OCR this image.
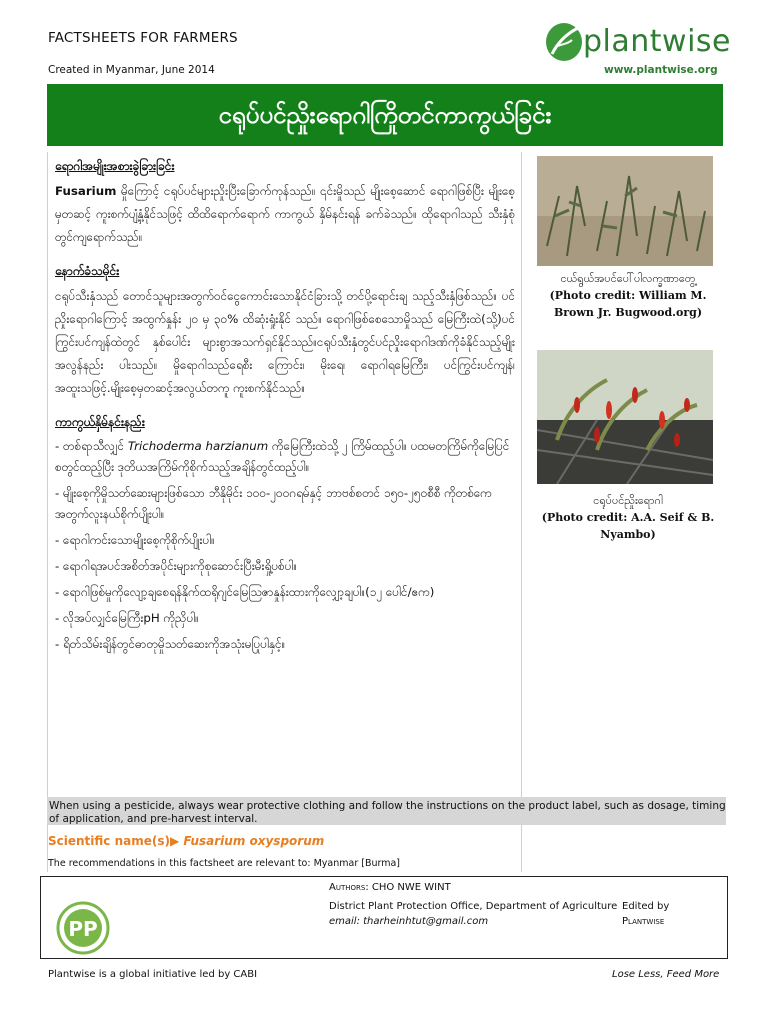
FACTSHEETS FOR FARMERS
Created in Myanmar, June 2014
plantwise
www.plantwise.org
ငရုပ်ပင်ညှိုးရောဂါကြိုတင်ကာကွယ်ခြင်း
ရောဂါအမျိုးအစားခွဲခြားခြင်း

Fusarium မှိုကြောင့် ငရုပ်ပင်များညှိုးပြီးခြောက်ကုန်သည်။ ၎င်းမှိုသည် မျိုးစေ့ဆောင် ရောဂါဖြစ်ပြီး မျိုးစေ့မှတဆင့် ကူးစက်ပျံ့နှံ့နိုင်သဖြင့် ထိထိရောက်ရောက် ကာကွယ် နှိမ်နင်းရန် ခက်ခဲသည်။ ထိုရောဂါသည် သီးနှံစုံတွင်ကျရောက်သည်။

နောက်ခံသမိုင်း

ငရုပ်သီးနှံသည် တောင်သူများအတွက်ဝင်ငွေကောင်းသောနိုင်ငံခြားသို့ တင်ပို့ရောင်းချ သည့်သီးနှံဖြစ်သည်။ ပင်ညှိုးရောဂါကြောင့် အထွက်နှုန်း ၂၀ မှ ၃၀% ထိဆုံးရှုံးနိုင် သည်။ ရောဂါဖြစ်စေသောမှိုသည် မြေကြီးထဲ(သို့)ပင်ကြွင်းပင်ကျန်ထဲတွင် နှစ်ပေါင်း များစွာအသက်ရှင်နိုင်သည်။ငရုပ်သီးနှံတွင်ပင်ညှိုးရောဂါဒဏ်ကိုခံနိုင်သည့်မျိုးအလွန်နည်း ပါးသည်။ မှိုရောဂါသည်ရေစီး ကြောင်း၊ မိုးရေ၊ ရောဂါရမြေကြီး၊ ပင်ကြွင်းပင်ကျန်၊ အထူးသဖြင့်.မျိုးစေ့မှတဆင့်အလွယ်တကူ ကူးစက်နိုင်သည်။

ကာကွယ်နှိမ်နင်းနည်း
- တစ်ရာသီလျှင် Trichoderma harzianum ကိုမြေကြီးထဲသို့ ၂ ကြိမ်ထည့်ပါ။ ပထမတကြိမ်ကိုမြေပြင်စတွင်ထည့်ပြီး ဒုတိယအကြိမ်ကိုစိုက်သည့်အချိန်တွင်ထည့်ပါ။
- မျိုးစေ့ကိုမှိုသတ်ဆေးများဖြစ်သော ဘီနိုမိုင်း ၁၀၀-၂၀၀ဂရမ်နှင့် ဘာဗစ်စတင် ၁၅၀-၂၅၀စီစီ ကိုတစ်ကေအတွက်လူးနယ်စိုက်ပျိုးပါ။
- ရောဂါကင်းသောမျိုးစေ့ကိုစိုက်ပျိုးပါ။
- ရောဂါရအပင်အစိတ်အပိုင်းများကိုစုဆောင်းပြီးမီးရှို့ပစ်ပါ။
- ရောဂါဖြစ်မှုကိုလျော့ချစေရန်နိုက်ထရိုဂျင်မြေသြဇာနှုန်းထားကိုလျှော့ချပါ။(၁၂ ပေါင်/ဧက)
- လိုအပ်လျှင်မြေကြီးpH ကိုညှိပါ။
- ရိတ်သိမ်းချိန်တွင်ဓာတုမှိုသတ်ဆေးကိုအသုံးမပြုပါနှင့်။
ငယ်ရွယ်အပင်ပေါ်ပါလက္ခဏာတွေ့
(Photo credit: William M. Brown Jr. Bugwood.org)
ငရုပ်ပင်ညှိုးရောဂါ
(Photo credit: A.A. Seif & B. Nyambo)
When using a pesticide, always wear protective clothing and follow the instructions on the product label, such as dosage, timing of application, and pre-harvest interval.
Scientific name(s)▶ Fusarium oxysporum
The recommendations in this factsheet are relevant to: Myanmar [Burma]
PP
Authors: CHO NWE WINT
District Plant Protection Office, Department of Agriculture
email: tharheinhtut@gmail.com
Edited by
Plantwise
Plantwise is a global initiative led by CABI	Lose Less, Feed More
